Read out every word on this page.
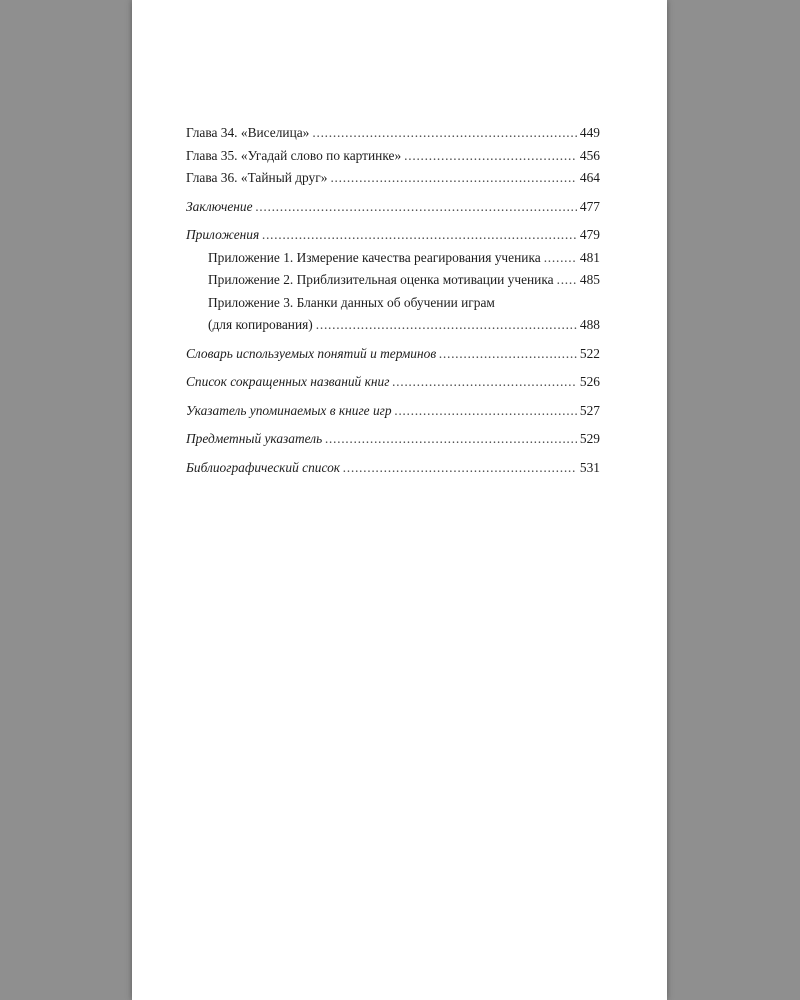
Глава 34. «Виселица» . . .	449
Глава 35. «Угадай слово по картинке» . . .	456
Глава 36. «Тайный друг» . . .	464
Заключение . . .	477
Приложения . . .	479
Приложение 1. Измерение качества реагирования ученика . . .	481
Приложение 2. Приблизительная оценка мотивации ученика . . . 485
Приложение 3. Бланки данных об обучении играм
(для копирования) . . .	488
Словарь используемых понятий и терминов . . .	522
Список сокращенных названий книг . . .	526
Указатель упоминаемых в книге игр . . .	527
Предметный указатель . . .	529
Библиографический список . . .	531
